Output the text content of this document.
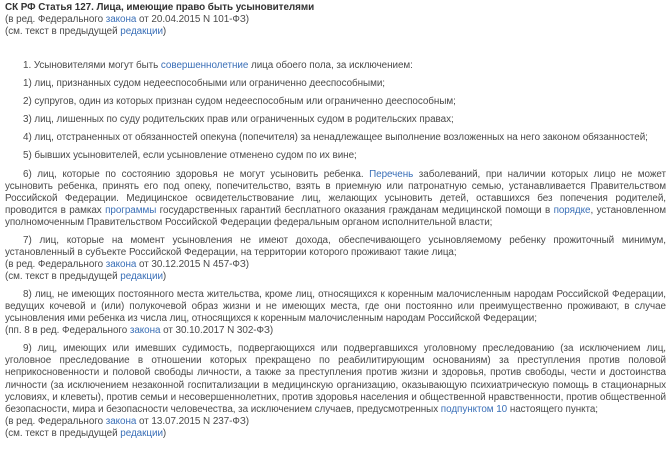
СК РФ Статья 127. Лица, имеющие право быть усыновителями

(в ред. Федерального закона от 20.04.2015 N 101-ФЗ)

(см. текст в предыдущей редакции)

1. Усыновителями могут быть совершеннолетние лица обоего пола, за исключением:

1) лиц, признанных судом недееспособными или ограниченно дееспособными;

2) супругов, один из которых признан судом недееспособным или ограниченно дееспособным;

3) лиц, лишенных по суду родительских прав или ограниченных судом в родительских правах;

4) лиц, отстраненных от обязанностей опекуна (попечителя) за ненадлежащее выполнение возложенных на него законом обязанностей;

5) бывших усыновителей, если усыновление отменено судом по их вине;

6) лиц, которые по состоянию здоровья не могут усыновить ребенка. Перечень заболеваний, при наличии которых лицо не может усыновить ребенка, принять его под опеку, попечительство, взять в приемную или патронатную семью, устанавливается Правительством Российской Федерации. Медицинское освидетельствование лиц, желающих усыновить детей, оставшихся без попечения родителей, проводится в рамках программы государственных гарантий бесплатного оказания гражданам медицинской помощи в порядке, установленном уполномоченным Правительством Российской Федерации федеральным органом исполнительной власти;

7) лиц, которые на момент усыновления не имеют дохода, обеспечивающего усыновляемому ребенку прожиточный минимум, установленный в субъекте Российской Федерации, на территории которого проживают такие лица;

(в ред. Федерального закона от 30.12.2015 N 457-ФЗ)

(см. текст в предыдущей редакции)

8) лиц, не имеющих постоянного места жительства, кроме лиц, относящихся к коренным малочисленным народам Российской Федерации, ведущих кочевой и (или) полукочевой образ жизни и не имеющих места, где они постоянно или преимущественно проживают, в случае усыновления ими ребенка из числа лиц, относящихся к коренным малочисленным народам Российской Федерации;

(пп. 8 в ред. Федерального закона от 30.10.2017 N 302-ФЗ)

9) лиц, имеющих или имевших судимость, подвергающихся или подвергавшихся уголовному преследованию (за исключением лиц, уголовное преследование в отношении которых прекращено по реабилитирующим основаниям) за преступления против половой неприкосновенности и половой свободы личности, а также за преступления против жизни и здоровья, против свободы, чести и достоинства личности (за исключением незаконной госпитализации в медицинскую организацию, оказывающую психиатрическую помощь в стационарных условиях, и клеветы), против семьи и несовершеннолетних, против здоровья населения и общественной нравственности, против общественной безопасности, мира и безопасности человечества, за исключением случаев, предусмотренных подпунктом 10 настоящего пункта;

(в ред. Федерального закона от 13.07.2015 N 237-ФЗ)

(см. текст в предыдущей редакции)
